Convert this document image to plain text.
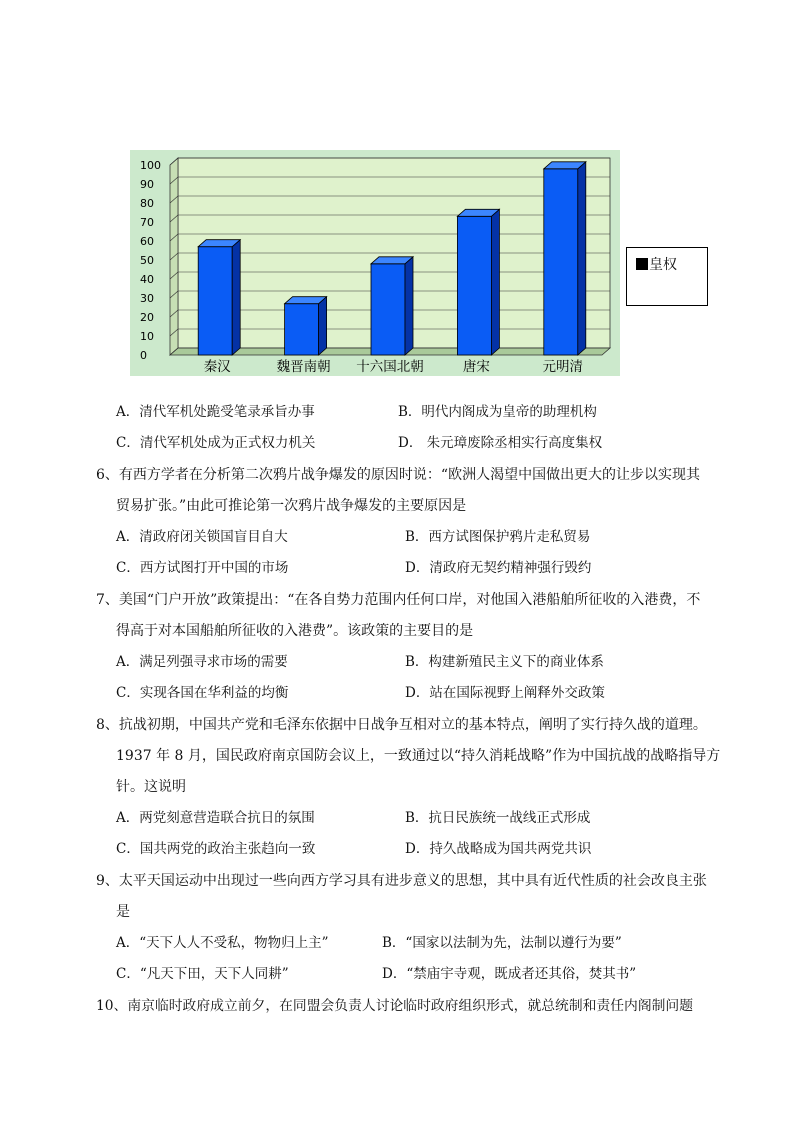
100
90
80
70
60
50
40
30
20
10
0
秦汉	魏晋南朝 十六国北朝	唐宋	元明清
皇权
A．清代军机处跪受笔录承旨办事	B．明代内阁成为皇帝的助理机构
C．清代军机处成为正式权力机关	D． 朱元璋废除丞相实行高度集权
6、有西方学者在分析第二次鸦片战争爆发的原因时说：“欧洲人渴望中国做出更大的让步以实现其
贸易扩张。”由此可推论第一次鸦片战争爆发的主要原因是
A．清政府闭关锁国盲目自大	B．西方试图保护鸦片走私贸易
C．西方试图打开中国的市场	D．清政府无契约精神强行毁约
7、美国“门户开放”政策提出：“在各自势力范围内任何口岸，对他国入港船舶所征收的入港费，不
得高于对本国船舶所征收的入港费”。该政策的主要目的是
A．满足列强寻求市场的需要	B．构建新殖民主义下的商业体系
C．实现各国在华利益的均衡	D．站在国际视野上阐释外交政策
8、抗战初期，中国共产党和毛泽东依据中日战争互相对立的基本特点，阐明了实行持久战的道理。
1937 年 8 月，国民政府南京国防会议上，一致通过以“持久消耗战略”作为中国抗战的战略指导方
针。这说明
A．两党刻意营造联合抗日的氛围	B．抗日民族统一战线正式形成
C．国共两党的政治主张趋向一致	D．持久战略成为国共两党共识
9、太平天国运动中出现过一些向西方学习具有进步意义的思想，其中具有近代性质的社会改良主张
是
A．“天下人人不受私，物物归上主”	B．“国家以法制为先，法制以遵行为要”
C．“凡天下田，天下人同耕”	D．“禁庙宇寺观，既成者还其俗，焚其书”
10、南京临时政府成立前夕，在同盟会负责人讨论临时政府组织形式，就总统制和责任内阁制问题
